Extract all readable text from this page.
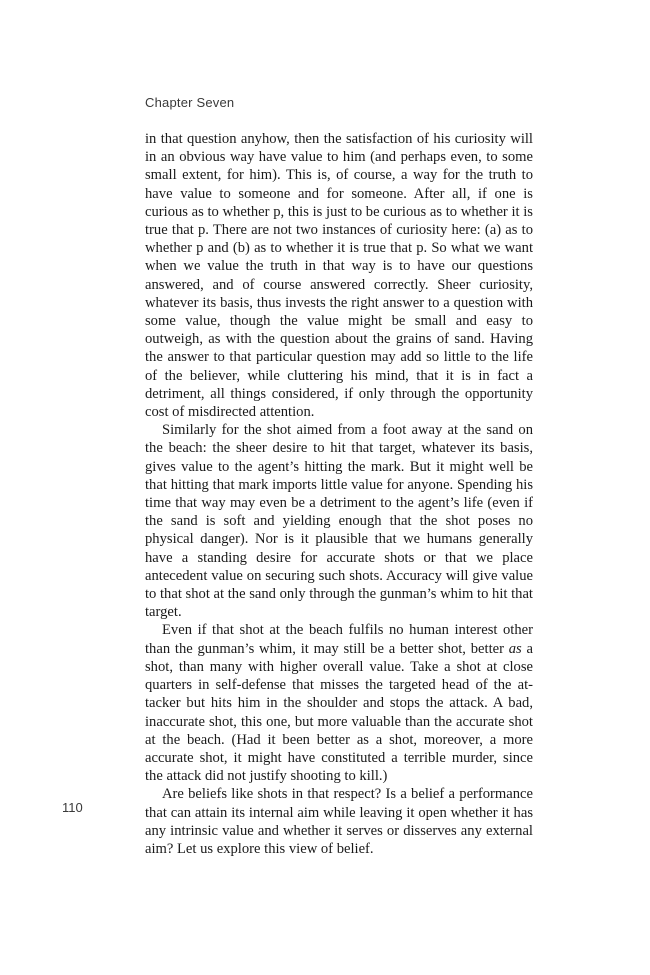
Chapter Seven

in that question anyhow, then the satisfaction of his curiosity will in an obvious way have value to him (and perhaps even, to some small extent, for him). This is, of course, a way for the truth to have value to someone and for someone. After all, if one is curious as to whether p, this is just to be curious as to whether it is true that p. There are not two instances of curiosity here: (a) as to whether p and (b) as to whether it is true that p. So what we want when we value the truth in that way is to have our questions answered, and of course answered correctly. Sheer curiosity, whatever its basis, thus invests the right answer to a question with some value, though the value might be small and easy to outweigh, as with the question about the grains of sand. Having the answer to that particular question may add so little to the life of the believer, while cluttering his mind, that it is in fact a detriment, all things considered, if only through the opportunity cost of misdirected attention.

Similarly for the shot aimed from a foot away at the sand on the beach: the sheer desire to hit that target, whatever its basis, gives value to the agent’s hitting the mark. But it might well be that hitting that mark imports little value for anyone. Spending his time that way may even be a detriment to the agent’s life (even if the sand is soft and yielding enough that the shot poses no physical danger). Nor is it plausible that we humans generally have a standing desire for accurate shots or that we place antecedent value on securing such shots. Accuracy will give value to that shot at the sand only through the gunman’s whim to hit that target.

Even if that shot at the beach fulfils no human interest other than the gunman’s whim, it may still be a better shot, better as a shot, than many with higher overall value. Take a shot at close quarters in self-defense that misses the targeted head of the attacker but hits him in the shoulder and stops the attack. A bad, inaccurate shot, this one, but more valuable than the accurate shot at the beach. (Had it been better as a shot, moreover, a more accurate shot, it might have constituted a terrible murder, since the attack did not justify shooting to kill.)

Are beliefs like shots in that respect? Is a belief a performance that can attain its internal aim while leaving it open whether it has any intrinsic value and whether it serves or disserves any external aim? Let us explore this view of belief.

110
